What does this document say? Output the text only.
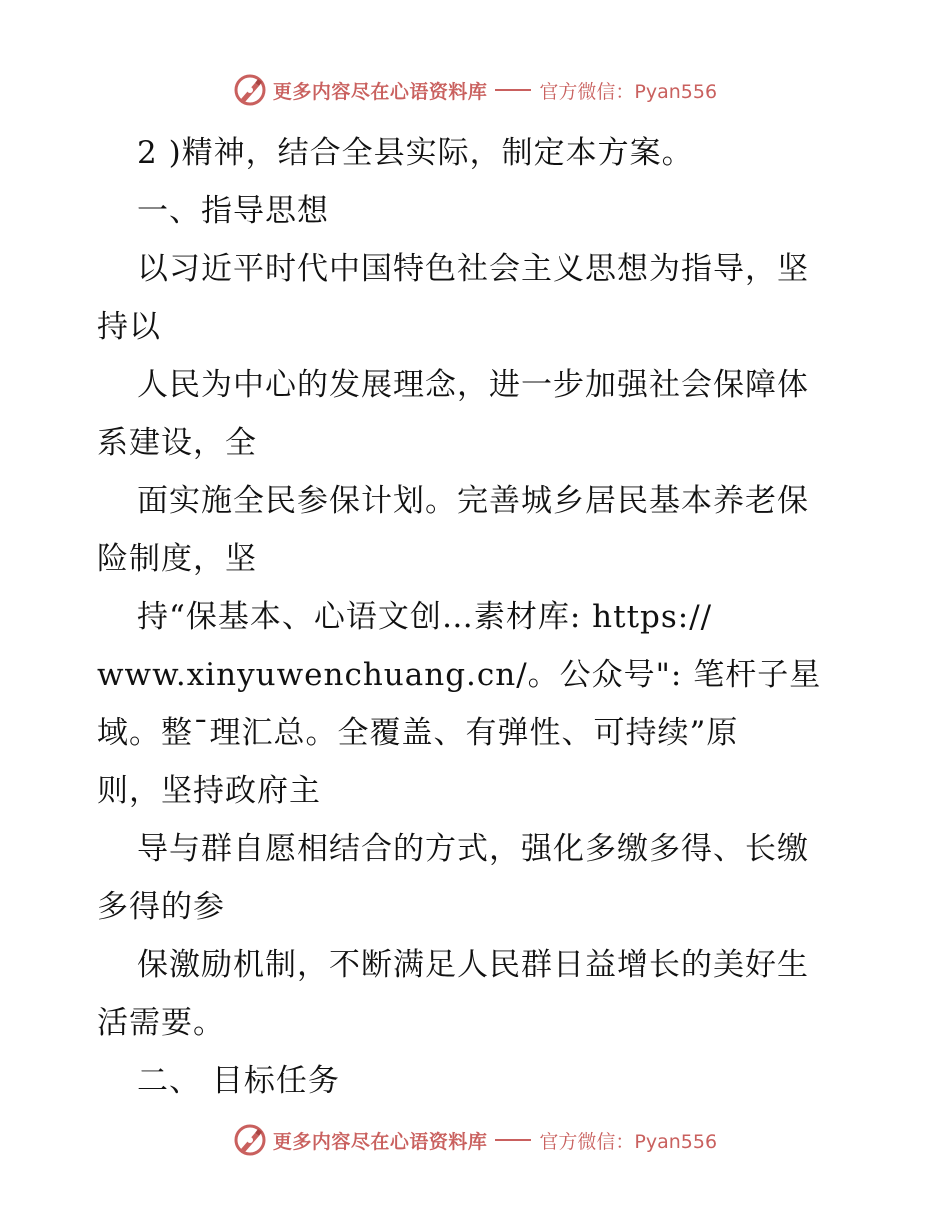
更多内容尽在心语资料库	官方微信：Pyan556
2 )精神，结合全县实际，制定本方案。
一、指导思想
以习近平时代中国特色社会主义思想为指导，坚
持以
人民为中心的发展理念，进一步加强社会保障体
系建设，全
面实施全民参保计划。完善城乡居民基本养老保
险制度，坚
持“保基本、心语文创…素材库: https://
www.xinyuwenchuang.cn/。公众号": 笔杆子星
域。整¯理汇总。全覆盖、有弹性、可持续”原
则，坚持政府主
导与群自愿相结合的方式，强化多缴多得、长缴
多得的参
保激励机制，不断满足人民群日益增长的美好生
活需要。
二、 目标任务
更多内容尽在心语资料库	官方微信：Pyan556
